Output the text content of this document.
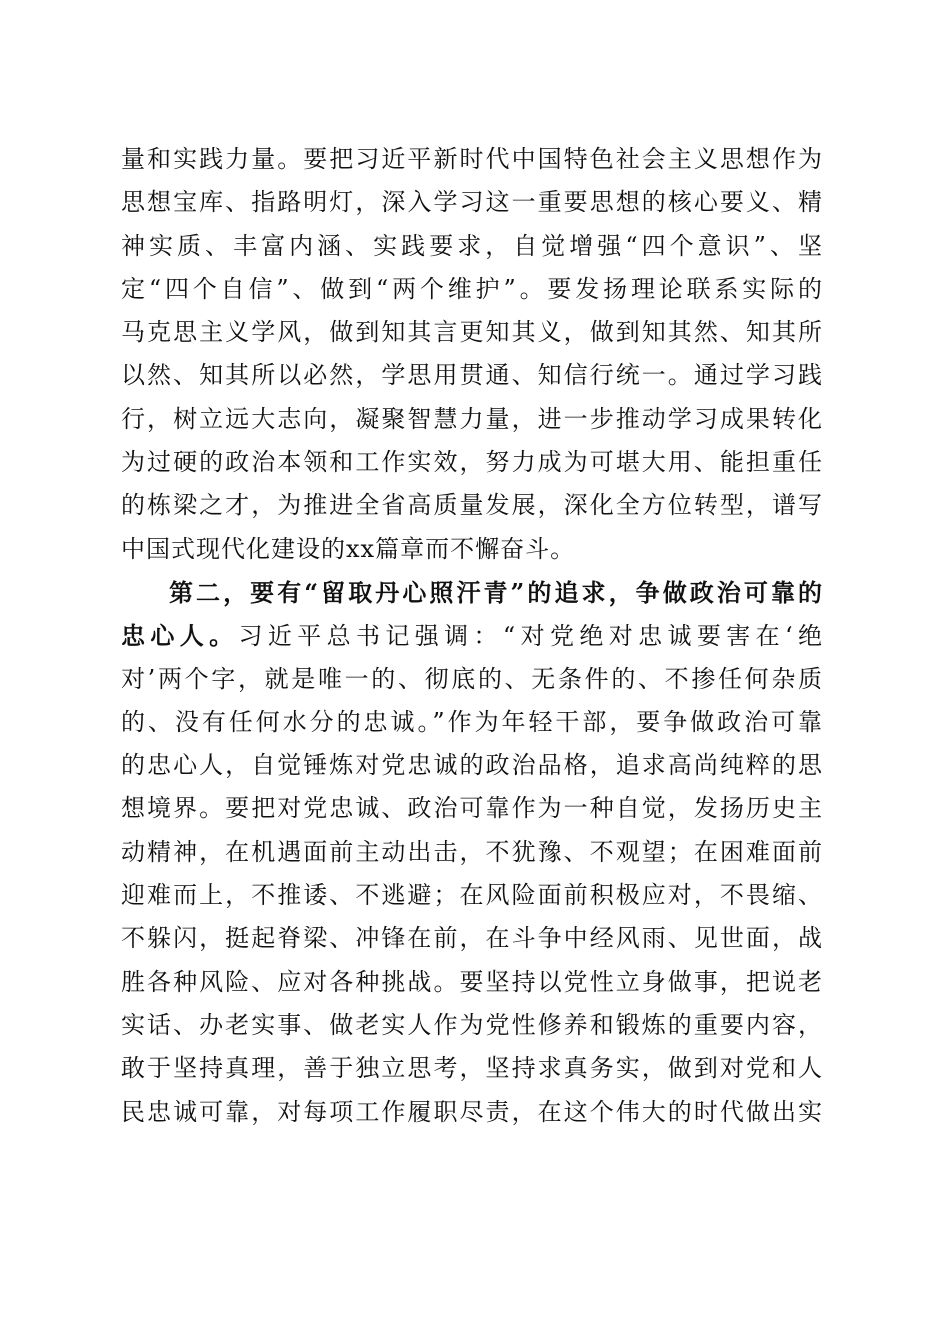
量和实践力量。要把习近平新时代中国特色社会主义思想作为
思想宝库、指路明灯，深入学习这一重要思想的核心要义、精
神实质、丰富内涵、实践要求，自觉增强“四个意识”、坚
定“四个自信”、做到“两个维护”。要发扬理论联系实际的
马克思主义学风，做到知其言更知其义，做到知其然、知其所
以然、知其所以必然，学思用贯通、知信行统一。通过学习践
行，树立远大志向，凝聚智慧力量，进一步推动学习成果转化
为过硬的政治本领和工作实效，努力成为可堪大用、能担重任
的栋梁之才，为推进全省高质量发展，深化全方位转型，谱写
中国式现代化建设的xx篇章而不懈奋斗。
第二，要有“留取丹心照汗青”的追求，争做政治可靠的
忠心人。习近平总书记强调：“对党绝对忠诚要害在‘绝
对’两个字，就是唯一的、彻底的、无条件的、不掺任何杂质
的、没有任何水分的忠诚。”作为年轻干部，要争做政治可靠
的忠心人，自觉锤炼对党忠诚的政治品格，追求高尚纯粹的思
想境界。要把对党忠诚、政治可靠作为一种自觉，发扬历史主
动精神，在机遇面前主动出击，不犹豫、不观望；在困难面前
迎难而上，不推诿、不逃避；在风险面前积极应对，不畏缩、
不躲闪，挺起脊梁、冲锋在前，在斗争中经风雨、见世面，战
胜各种风险、应对各种挑战。要坚持以党性立身做事，把说老
实话、办老实事、做老实人作为党性修养和锻炼的重要内容，
敢于坚持真理，善于独立思考，坚持求真务实，做到对党和人
民忠诚可靠，对每项工作履职尽责，在这个伟大的时代做出实
